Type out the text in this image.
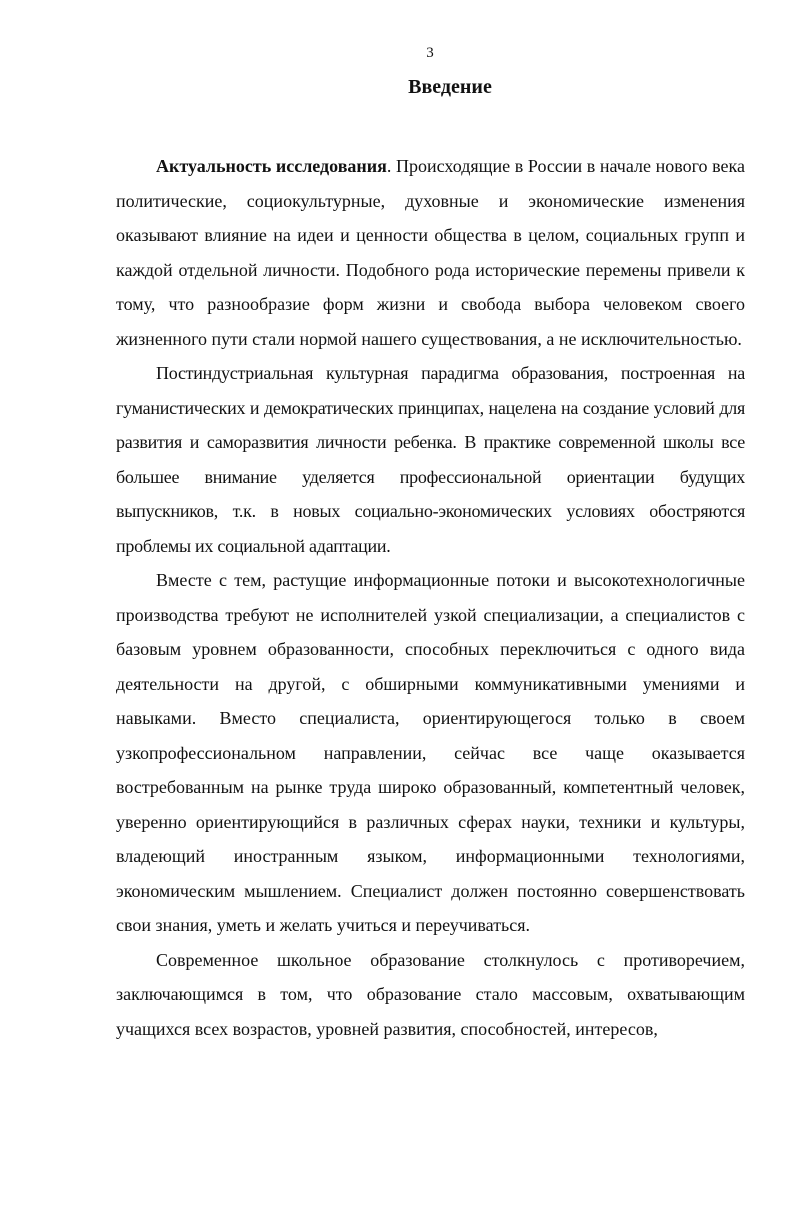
3
Введение

Актуальность исследования. Происходящие в России в начале нового века политические, социокультурные, духовные и экономические изменения оказывают влияние на идеи и ценности общества в целом, социальных групп и каждой отдельной личности. Подобного рода исторические перемены привели к тому, что разнообразие форм жизни и свобода выбора человеком своего жизненного пути стали нормой нашего существования, а не исключительностью.

Постиндустриальная культурная парадигма образования, построенная на гуманистических и демократических принципах, нацелена на создание условий для развития и саморазвития личности ребенка. В практике современной школы все большее внимание уделяется профессиональной ориентации будущих выпускников, т.к. в новых социально-экономических условиях обостряются проблемы их социальной адаптации.

Вместе с тем, растущие информационные потоки и высокотехнологичные производства требуют не исполнителей узкой специализации, а специалистов с базовым уровнем образованности, способных переключиться с одного вида деятельности на другой, с обширными коммуникативными умениями и навыками. Вместо специалиста, ориентирующегося только в своем узкопрофессиональном направлении, сейчас все чаще оказывается востребованным на рынке труда широко образованный, компетентный человек, уверенно ориентирующийся в различных сферах науки, техники и культуры, владеющий иностранным языком, информационными технологиями, экономическим мышлением. Специалист должен постоянно совершенствовать свои знания, уметь и желать учиться и переучиваться.

Современное школьное образование столкнулось с противоречием, заключающимся в том, что образование стало массовым, охватывающим учащихся всех возрастов, уровней развития, способностей, интересов,
